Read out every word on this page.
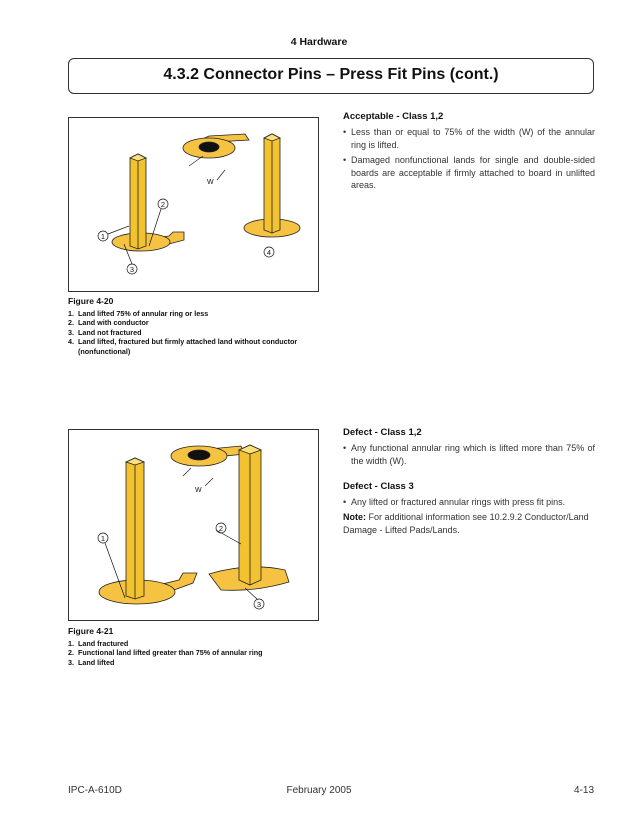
4 Hardware
4.3.2 Connector Pins – Press Fit Pins (cont.)
W
2
1
3
4
Figure 4-20
1. Land lifted 75% of annular ring or less
2. Land with conductor
3. Land not fractured
4. Land lifted, fractured but firmly attached land without conductor (nonfunctional)
Acceptable - Class 1,2
• Less than or equal to 75% of the width (W) of the annular ring is lifted.
• Damaged nonfunctional lands for single and double-sided boards are acceptable if firmly attached to board in unlifted areas.
W
1
2
3
Figure 4-21
1. Land fractured
2. Functional land lifted greater than 75% of annular ring
3. Land lifted
Defect - Class 1,2
• Any functional annular ring which is lifted more than 75% of the width (W).
Defect - Class 3
• Any lifted or fractured annular rings with press fit pins.
Note: For additional information see 10.2.9.2 Conductor/Land Damage - Lifted Pads/Lands.
IPC-A-610D	February 2005	4-13
